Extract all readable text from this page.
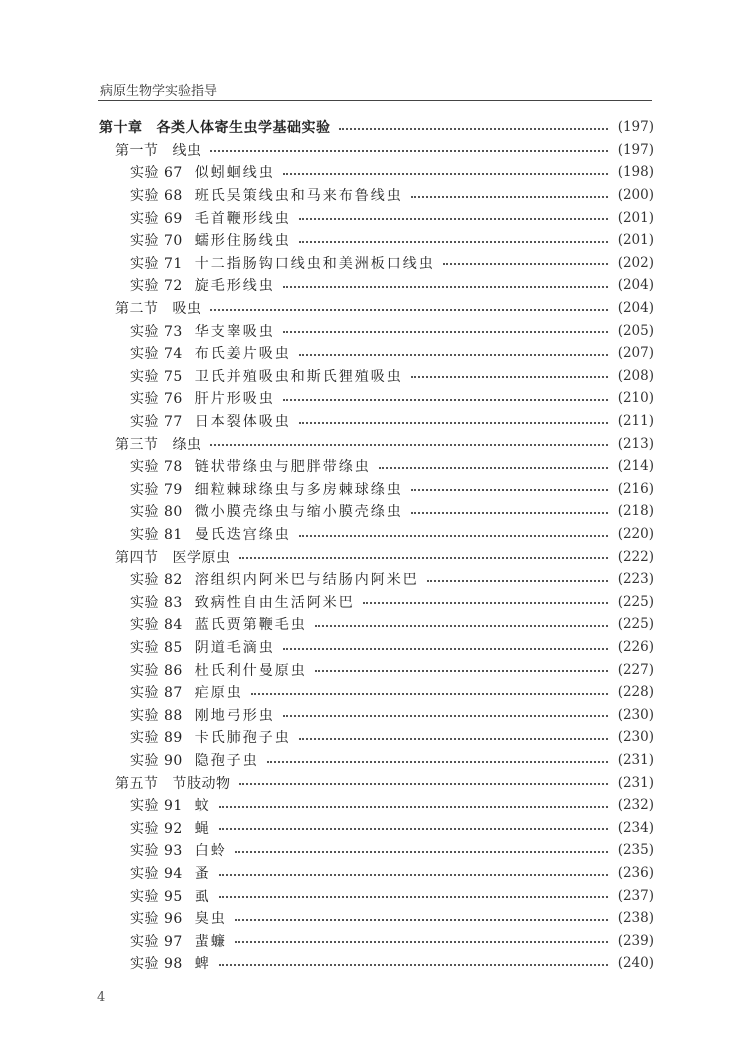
病原生物学实验指导
第十章 各类人体寄生虫学基础实验	(197)
第一节 线虫	(197)
实验 67 似蚓蛔线虫	(198)
实验 68 班氏吴策线虫和马来布鲁线虫	(200)
实验 69 毛首鞭形线虫	(201)
实验 70 蠕形住肠线虫	(201)
实验 71 十二指肠钩口线虫和美洲板口线虫	(202)
实验 72 旋毛形线虫	(204)
第二节 吸虫	(204)
实验 73 华支睾吸虫	(205)
实验 74 布氏姜片吸虫	(207)
实验 75 卫氏并殖吸虫和斯氏狸殖吸虫	(208)
实验 76 肝片形吸虫	(210)
实验 77 日本裂体吸虫	(211)
第三节 绦虫	(213)
实验 78 链状带绦虫与肥胖带绦虫	(214)
实验 79 细粒棘球绦虫与多房棘球绦虫	(216)
实验 80 微小膜壳绦虫与缩小膜壳绦虫	(218)
实验 81 曼氏迭宫绦虫	(220)
第四节 医学原虫	(222)
实验 82 溶组织内阿米巴与结肠内阿米巴	(223)
实验 83 致病性自由生活阿米巴	(225)
实验 84 蓝氏贾第鞭毛虫	(225)
实验 85 阴道毛滴虫	(226)
实验 86 杜氏利什曼原虫	(227)
实验 87 疟原虫	(228)
实验 88 刚地弓形虫	(230)
实验 89 卡氏肺孢子虫	(230)
实验 90 隐孢子虫	(231)
第五节 节肢动物	(231)
实验 91 蚊	(232)
实验 92 蝇	(234)
实验 93 白蛉	(235)
实验 94 蚤	(236)
实验 95 虱	(237)
实验 96 臭虫	(238)
实验 97 蜚蠊	(239)
实验 98 蜱	(240)
4
